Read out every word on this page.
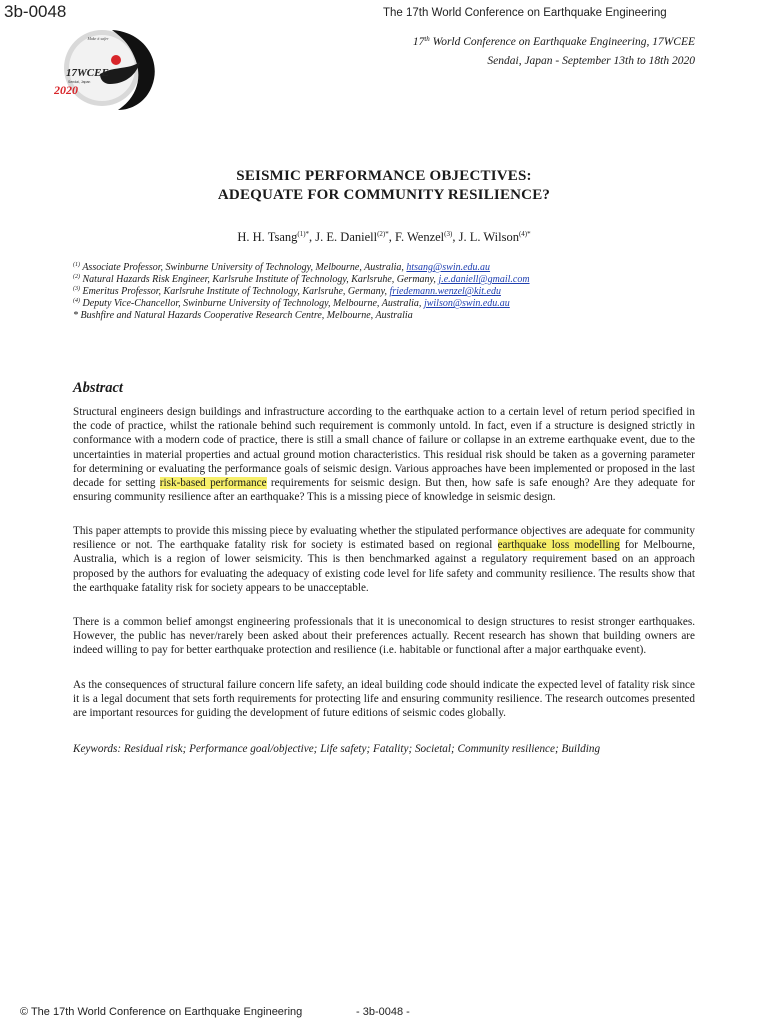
3b-0048	The 17th World Conference on Earthquake Engineering
17th World Conference on Earthquake Engineering, 17WCEE
Sendai, Japan - September 13th to 18th 2020
Make it safer
17WCEE
Sendai, Japan
2020
SEISMIC PERFORMANCE OBJECTIVES:
ADEQUATE FOR COMMUNITY RESILIENCE?
H. H. Tsang$^{(1)*}$, J. E. Daniell$^{(2)*}$, F. Wenzel$^{(3)}$, J. L. Wilson$^{(4)*}$
$^{(1)}$ Associate Professor, Swinburne University of Technology, Melbourne, Australia, htsang@swin.edu.au
$^{(2)}$ Natural Hazards Risk Engineer, Karlsruhe Institute of Technology, Karlsruhe, Germany, j.e.daniell@gmail.com
$^{(3)}$ Emeritus Professor, Karlsruhe Institute of Technology, Karlsruhe, Germany, friedemann.wenzel@kit.edu
$^{(4)}$ Deputy Vice-Chancellor, Swinburne University of Technology, Melbourne, Australia, jwilson@swin.edu.au
* Bushfire and Natural Hazards Cooperative Research Centre, Melbourne, Australia
Abstract
Structural engineers design buildings and infrastructure according to the earthquake action to a certain level of return period specified in the code of practice, whilst the rationale behind such requirement is commonly untold. In fact, even if a structure is designed strictly in conformance with a modern code of practice, there is still a small chance of failure or collapse in an extreme earthquake event, due to the uncertainties in material properties and actual ground motion characteristics. This residual risk should be taken as a governing parameter for determining or evaluating the performance goals of seismic design. Various approaches have been implemented or proposed in the last decade for setting risk-based performance requirements for seismic design. But then, how safe is safe enough? Are they adequate for ensuring community resilience after an earthquake? This is a missing piece of knowledge in seismic design.
This paper attempts to provide this missing piece by evaluating whether the stipulated performance objectives are adequate for community resilience or not. The earthquake fatality risk for society is estimated based on regional earthquake loss modelling for Melbourne, Australia, which is a region of lower seismicity. This is then benchmarked against a regulatory requirement based on an approach proposed by the authors for evaluating the adequacy of existing code level for life safety and community resilience. The results show that the earthquake fatality risk for society appears to be unacceptable.
There is a common belief amongst engineering professionals that it is uneconomical to design structures to resist stronger earthquakes. However, the public has never/rarely been asked about their preferences actually. Recent research has shown that building owners are indeed willing to pay for better earthquake protection and resilience (i.e. habitable or functional after a major earthquake event).
As the consequences of structural failure concern life safety, an ideal building code should indicate the expected level of fatality risk since it is a legal document that sets forth requirements for protecting life and ensuring community resilience. The research outcomes presented are important resources for guiding the development of future editions of seismic codes globally.
Keywords: Residual risk; Performance goal/objective; Life safety; Fatality; Societal; Community resilience; Building
© The 17th World Conference on Earthquake Engineering	- 3b-0048 -
